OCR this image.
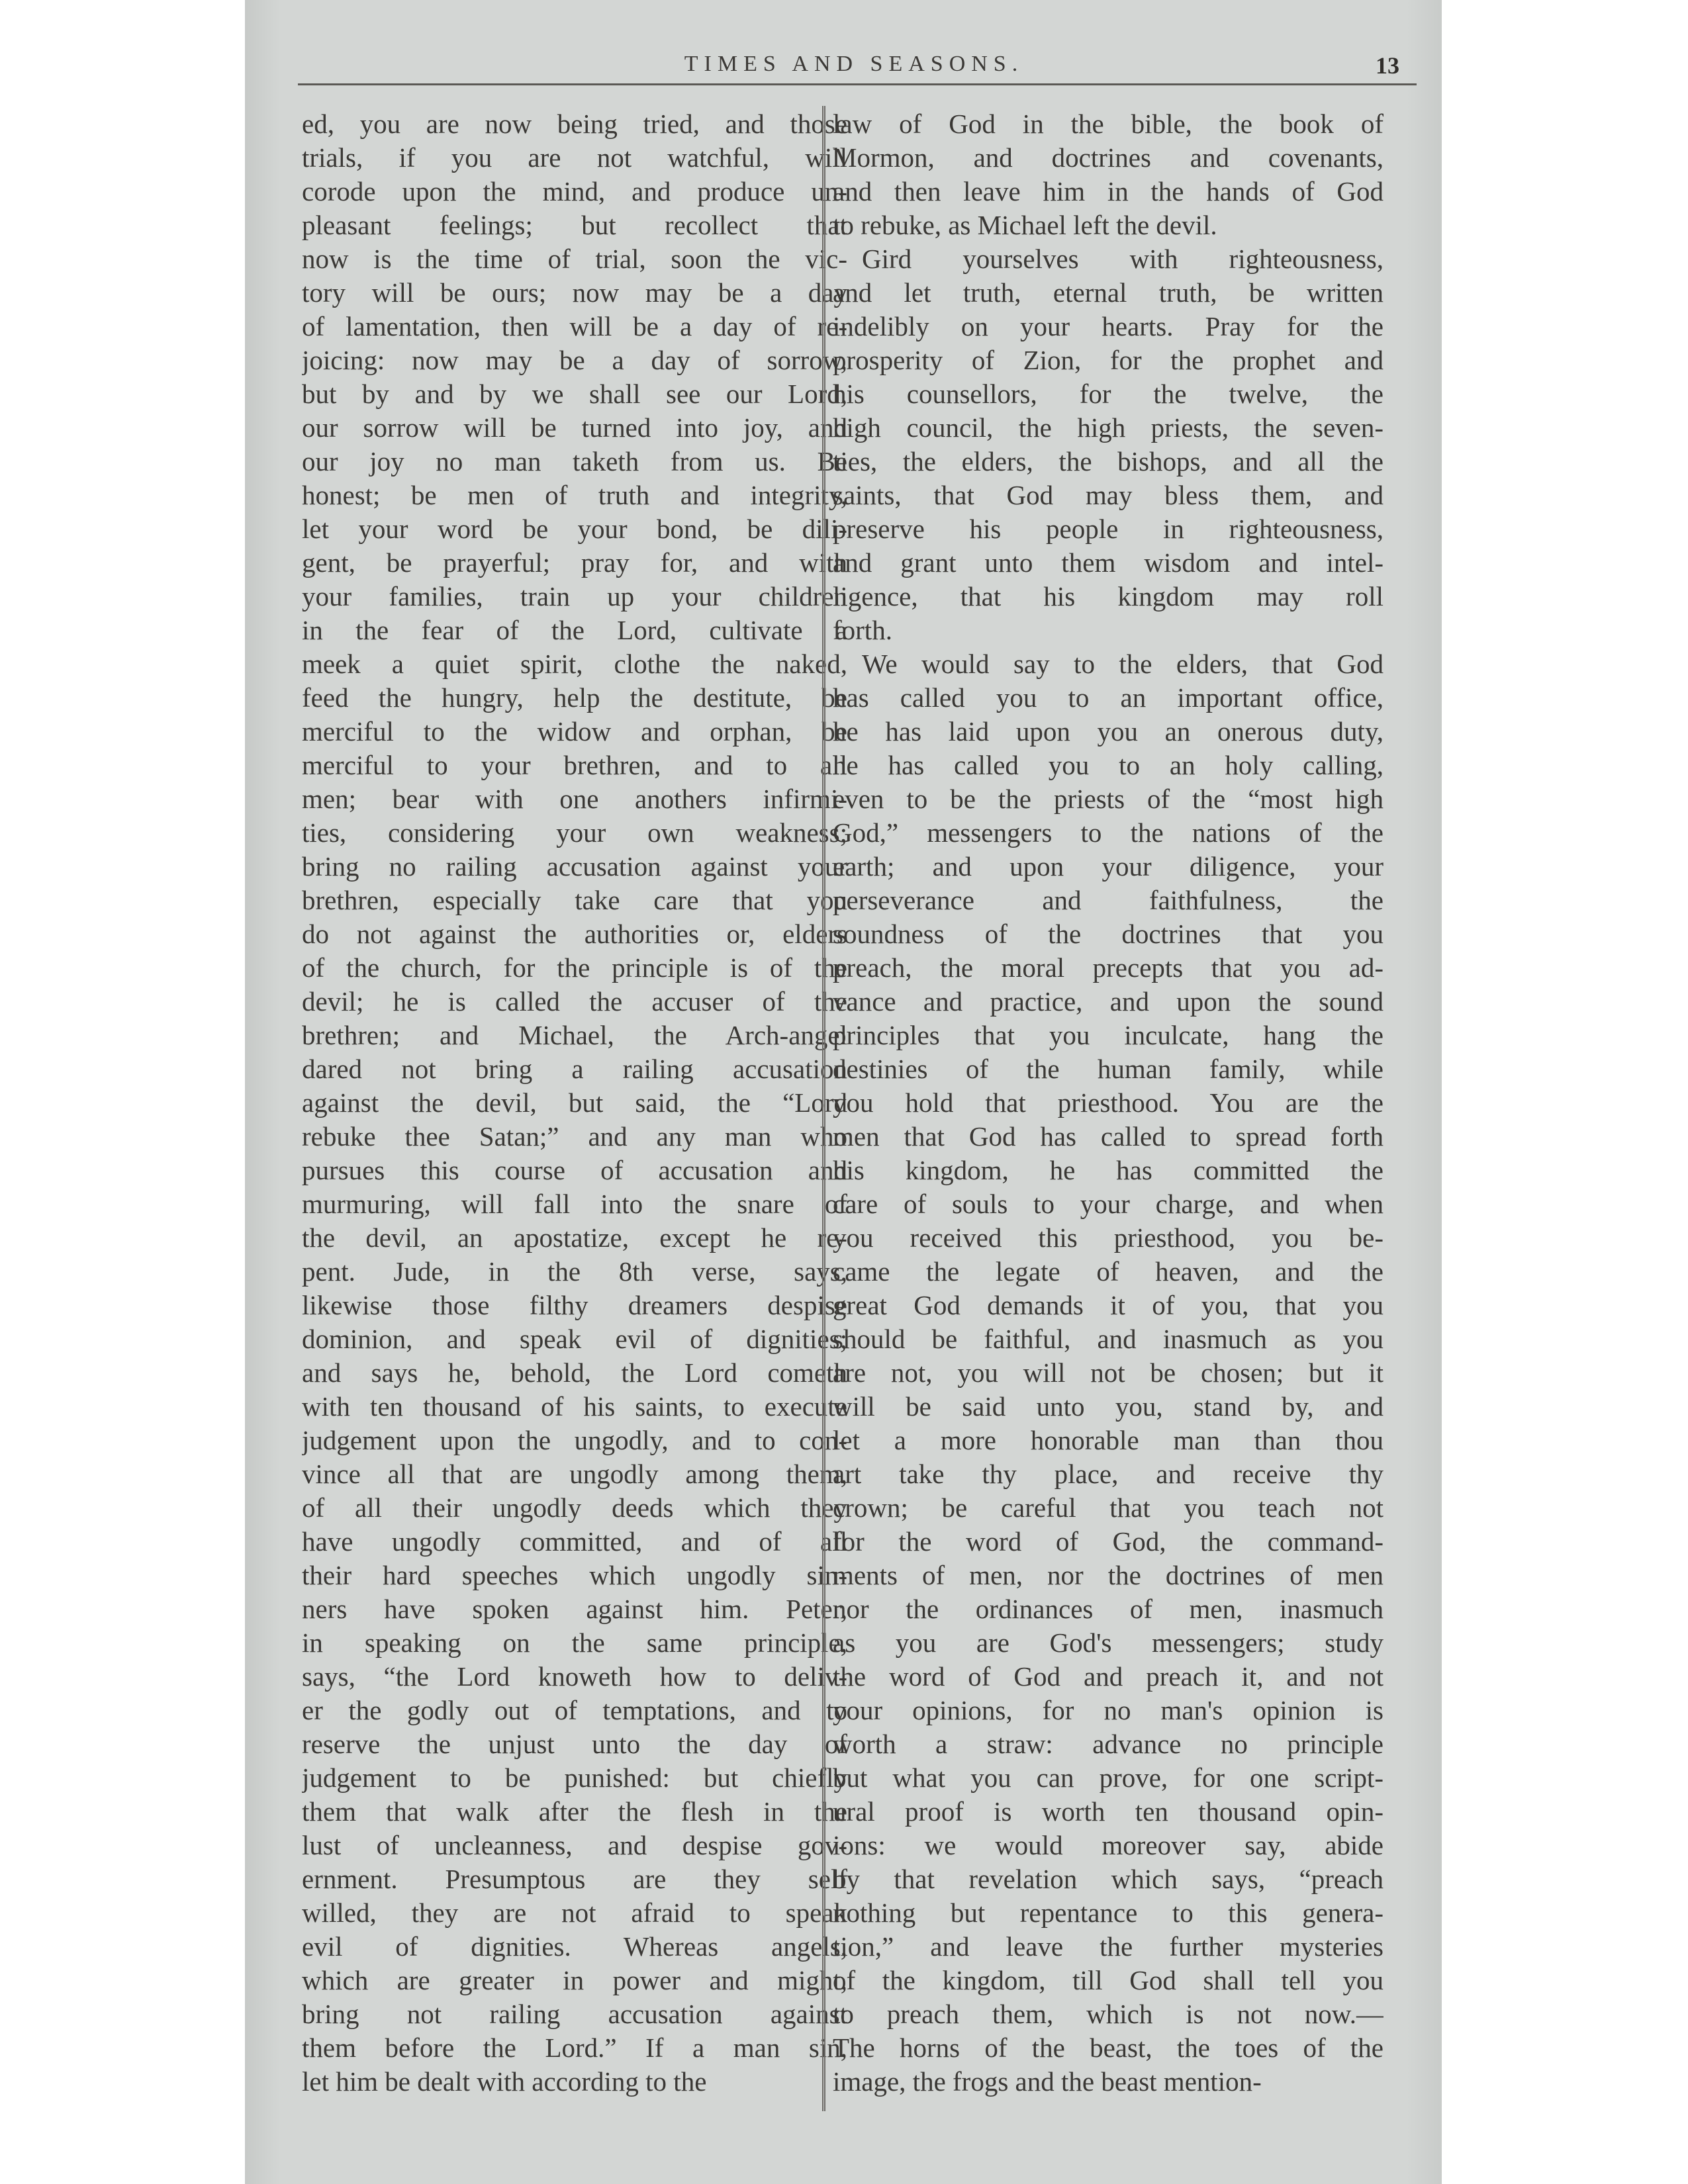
TIMES AND SEASONS.	13
ed, you are now being tried, and those
trials, if you are not watchful, will
corode upon the mind, and produce un-
pleasant feelings; but recollect that
now is the time of trial, soon the vic-
tory will be ours; now may be a day
of lamentation, then will be a day of re-
joicing: now may be a day of sorrow,
but by and by we shall see our Lord,
our sorrow will be turned into joy, and
our joy no man taketh from us. Be
honest; be men of truth and integrity,
let your word be your bond, be dili-
gent, be prayerful; pray for, and with
your families, train up your children
in the fear of the Lord, cultivate a
meek a quiet spirit, clothe the naked,
feed the hungry, help the destitute, be
merciful to the widow and orphan, be
merciful to your brethren, and to all
men; bear with one anothers infirmi-
ties, considering your own weakness;
bring no railing accusation against your
brethren, especially take care that you
do not against the authorities or, elders
of the church, for the principle is of the
devil; he is called the accuser of the
brethren; and Michael, the Arch-angel
dared not bring a railing accusation
against the devil, but said, the “Lord
rebuke thee Satan;” and any man who
pursues this course of accusation and
murmuring, will fall into the snare of
the devil, an apostatize, except he re-
pent. Jude, in the 8th verse, says,
likewise those filthy dreamers despise
dominion, and speak evil of dignities;
and says he, behold, the Lord cometh
with ten thousand of his saints, to execute
judgement upon the ungodly, and to con-
vince all that are ungodly among them,
of all their ungodly deeds which they
have ungodly committed, and of all
their hard speeches which ungodly sin-
ners have spoken against him. Peter,
in speaking on the same principle,
says, “the Lord knoweth how to deliv-
er the godly out of temptations, and to
reserve the unjust unto the day of
judgement to be punished: but chiefly
them that walk after the flesh in the
lust of uncleanness, and despise gov-
ernment. Presumptous are they self
willed, they are not afraid to speak
evil of dignities. Whereas angels,
which are greater in power and might,
bring not railing accusation against
them before the Lord.” If a man sin,
let him be dealt with according to the
law of God in the bible, the book of
Mormon, and doctrines and covenants,
and then leave him in the hands of God
to rebuke, as Michael left the devil.
Gird yourselves with righteousness,
and let truth, eternal truth, be written
indelibly on your hearts. Pray for the
prosperity of Zion, for the prophet and
his counsellors, for the twelve, the
high council, the high priests, the seven-
ties, the elders, the bishops, and all the
saints, that God may bless them, and
preserve his people in righteousness,
and grant unto them wisdom and intel-
ligence, that his kingdom may roll
forth.
We would say to the elders, that God
has called you to an important office,
he has laid upon you an onerous duty,
he has called you to an holy calling,
even to be the priests of the “most high
God,” messengers to the nations of the
earth; and upon your diligence, your
perseverance and faithfulness, the
soundness of the doctrines that you
preach, the moral precepts that you ad-
vance and practice, and upon the sound
principles that you inculcate, hang the
destinies of the human family, while
you hold that priesthood. You are the
men that God has called to spread forth
his kingdom, he has committed the
care of souls to your charge, and when
you received this priesthood, you be-
came the legate of heaven, and the
great God demands it of you, that you
should be faithful, and inasmuch as you
are not, you will not be chosen; but it
will be said unto you, stand by, and
let a more honorable man than thou
art take thy place, and receive thy
crown; be careful that you teach not
for the word of God, the command-
ments of men, nor the doctrines of men
nor the ordinances of men, inasmuch
as you are God's messengers; study
the word of God and preach it, and not
your opinions, for no man's opinion is
worth a straw: advance no principle
but what you can prove, for one script-
ural proof is worth ten thousand opin-
ions: we would moreover say, abide
by that revelation which says, “preach
nothing but repentance to this genera-
tion,” and leave the further mysteries
of the kingdom, till God shall tell you
to preach them, which is not now.—
The horns of the beast, the toes of the
image, the frogs and the beast mention-
